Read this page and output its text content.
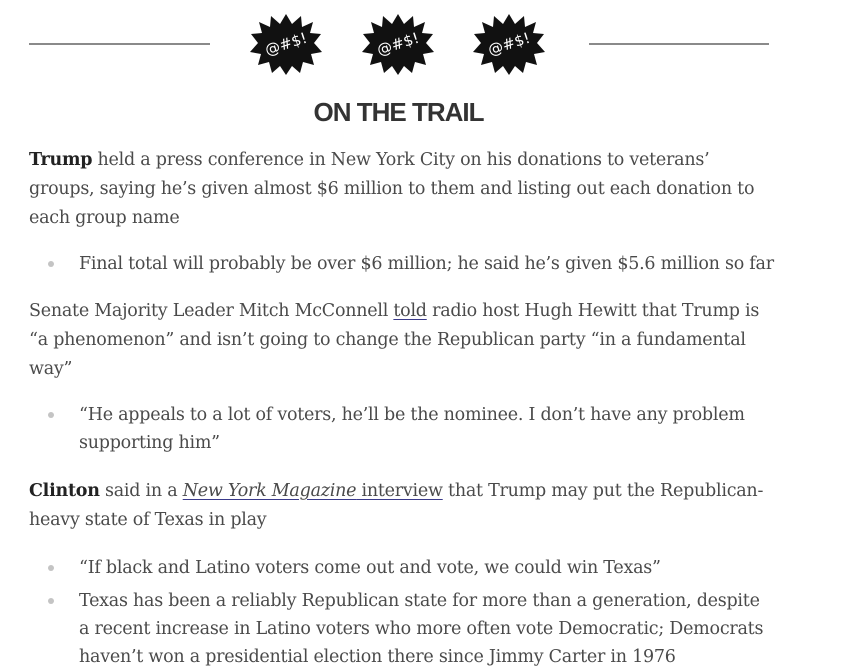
@#$!	@#$!	@#$!
ON THE TRAIL

Trump held a press conference in New York City on his donations to veterans’ groups, saying he’s given almost $6 million to them and listing out each donation to each group name

Final total will probably be over $6 million; he said he’s given $5.6 million so far

Senate Majority Leader Mitch McConnell told radio host Hugh Hewitt that Trump is “a phenomenon” and isn’t going to change the Republican party “in a fundamental way”

“He appeals to a lot of voters, he’ll be the nominee. I don’t have any problem supporting him”

Clinton said in a New York Magazine interview that Trump may put the Republican-heavy state of Texas in play

“If black and Latino voters come out and vote, we could win Texas”
Texas has been a reliably Republican state for more than a generation, despite a recent increase in Latino voters who more often vote Democratic; Democrats haven’t won a presidential election there since Jimmy Carter in 1976
